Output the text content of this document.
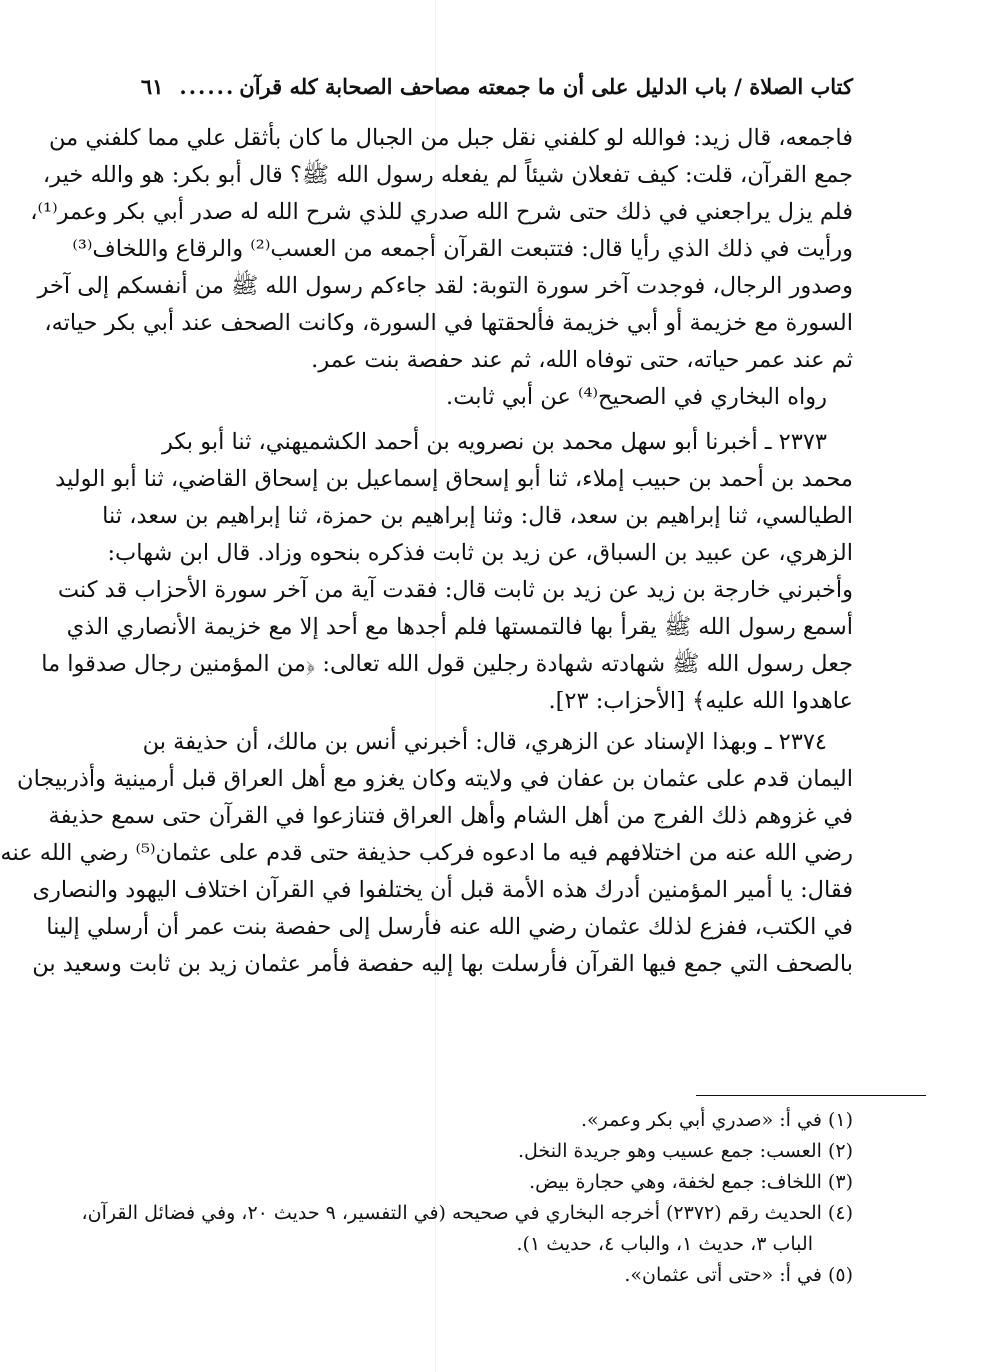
كتاب الصلاة / باب الدليل على أن ما جمعته مصاحف الصحابة كله قرآن
......
٦١
فاجمعه، قال زيد: فوالله لو كلفني نقل جبل من الجبال ما كان بأثقل علي مما كلفني من
جمع القرآن، قلت: كيف تفعلان شيئاً لم يفعله رسول الله ﷺ؟ قال أبو بكر: هو والله خير،
فلم يزل يراجعني في ذلك حتى شرح الله صدري للذي شرح الله له صدر أبي بكر وعمر⁽¹⁾،
ورأيت في ذلك الذي رأيا قال: فتتبعت القرآن أجمعه من العسب⁽²⁾ والرقاع واللخاف⁽³⁾
وصدور الرجال، فوجدت آخر سورة التوبة: لقد جاءكم رسول الله ﷺ من أنفسكم إلى آخر
السورة مع خزيمة أو أبي خزيمة فألحقتها في السورة، وكانت الصحف عند أبي بكر حياته،
ثم عند عمر حياته، حتى توفاه الله، ثم عند حفصة بنت عمر.
رواه البخاري في الصحيح⁽⁴⁾ عن أبي ثابت.
٢٣٧٣ ـ أخبرنا أبو سهل محمد بن نصرويه بن أحمد الكشميهني، ثنا أبو بكر
محمد بن أحمد بن حبيب إملاء، ثنا أبو إسحاق إسماعيل بن إسحاق القاضي، ثنا أبو الوليد
الطيالسي، ثنا إبراهيم بن سعد، قال: وثنا إبراهيم بن حمزة، ثنا إبراهيم بن سعد، ثنا
الزهري، عن عبيد بن السباق، عن زيد بن ثابت فذكره بنحوه وزاد. قال ابن شهاب:
وأخبرني خارجة بن زيد عن زيد بن ثابت قال: فقدت آية من آخر سورة الأحزاب قد كنت
أسمع رسول الله ﷺ يقرأ بها فالتمستها فلم أجدها مع أحد إلا مع خزيمة الأنصاري الذي
جعل رسول الله ﷺ شهادته شهادة رجلين قول الله تعالى: ﴿من المؤمنين رجال صدقوا ما
عاهدوا الله عليه﴾ [الأحزاب: ٢٣].
٢٣٧٤ ـ وبهذا الإسناد عن الزهري، قال: أخبرني أنس بن مالك، أن حذيفة بن
اليمان قدم على عثمان بن عفان في ولايته وكان يغزو مع أهل العراق قبل أرمينية وأذربيجان
في غزوهم ذلك الفرج من أهل الشام وأهل العراق فتنازعوا في القرآن حتى سمع حذيفة
رضي الله عنه من اختلافهم فيه ما ادعوه فركب حذيفة حتى قدم على عثمان⁽⁵⁾ رضي الله عنه
فقال: يا أمير المؤمنين أدرك هذه الأمة قبل أن يختلفوا في القرآن اختلاف اليهود والنصارى
في الكتب، ففزع لذلك عثمان رضي الله عنه فأرسل إلى حفصة بنت عمر أن أرسلي إلينا
بالصحف التي جمع فيها القرآن فأرسلت بها إليه حفصة فأمر عثمان زيد بن ثابت وسعيد بن
(١) في أ: «صدري أبي بكر وعمر».
(٢) العسب: جمع عسيب وهو جريدة النخل.
(٣) اللخاف: جمع لخفة، وهي حجارة بيض.
(٤) الحديث رقم (٢٣٧٢) أخرجه البخاري في صحيحه (في التفسير، ٩ حديث ٢٠، وفي فضائل القرآن،
الباب ٣، حديث ١، والباب ٤، حديث ١).
(٥) في أ: «حتى أتى عثمان».
